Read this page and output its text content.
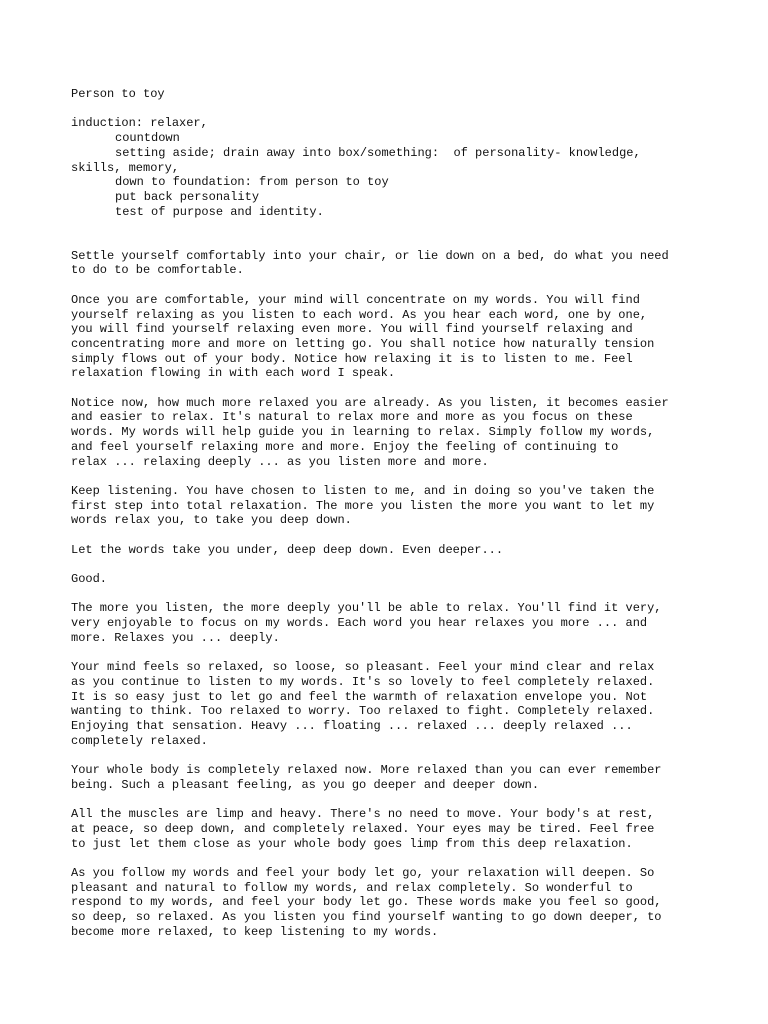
Person to toy
induction: relaxer,
countdown
setting aside; drain away into box/something:  of personality- knowledge,
skills, memory,
down to foundation: from person to toy
put back personality
test of purpose and identity.

Settle yourself comfortably into your chair, or lie down on a bed, do what you need
to do to be comfortable.

Once you are comfortable, your mind will concentrate on my words. You will find
yourself relaxing as you listen to each word. As you hear each word, one by one,
you will find yourself relaxing even more. You will find yourself relaxing and
concentrating more and more on letting go. You shall notice how naturally tension
simply flows out of your body. Notice how relaxing it is to listen to me. Feel
relaxation flowing in with each word I speak.

Notice now, how much more relaxed you are already. As you listen, it becomes easier
and easier to relax. It's natural to relax more and more as you focus on these
words. My words will help guide you in learning to relax. Simply follow my words,
and feel yourself relaxing more and more. Enjoy the feeling of continuing to
relax ... relaxing deeply ... as you listen more and more.

Keep listening. You have chosen to listen to me, and in doing so you've taken the
first step into total relaxation. The more you listen the more you want to let my
words relax you, to take you deep down.

Let the words take you under, deep deep down. Even deeper...

Good.

The more you listen, the more deeply you'll be able to relax. You'll find it very,
very enjoyable to focus on my words. Each word you hear relaxes you more ... and
more. Relaxes you ... deeply.

Your mind feels so relaxed, so loose, so pleasant. Feel your mind clear and relax
as you continue to listen to my words. It's so lovely to feel completely relaxed.
It is so easy just to let go and feel the warmth of relaxation envelope you. Not
wanting to think. Too relaxed to worry. Too relaxed to fight. Completely relaxed.
Enjoying that sensation. Heavy ... floating ... relaxed ... deeply relaxed ...
completely relaxed.

Your whole body is completely relaxed now. More relaxed than you can ever remember
being. Such a pleasant feeling, as you go deeper and deeper down.

All the muscles are limp and heavy. There's no need to move. Your body's at rest,
at peace, so deep down, and completely relaxed. Your eyes may be tired. Feel free
to just let them close as your whole body goes limp from this deep relaxation.

As you follow my words and feel your body let go, your relaxation will deepen. So
pleasant and natural to follow my words, and relax completely. So wonderful to
respond to my words, and feel your body let go. These words make you feel so good,
so deep, so relaxed. As you listen you find yourself wanting to go down deeper, to
become more relaxed, to keep listening to my words.
